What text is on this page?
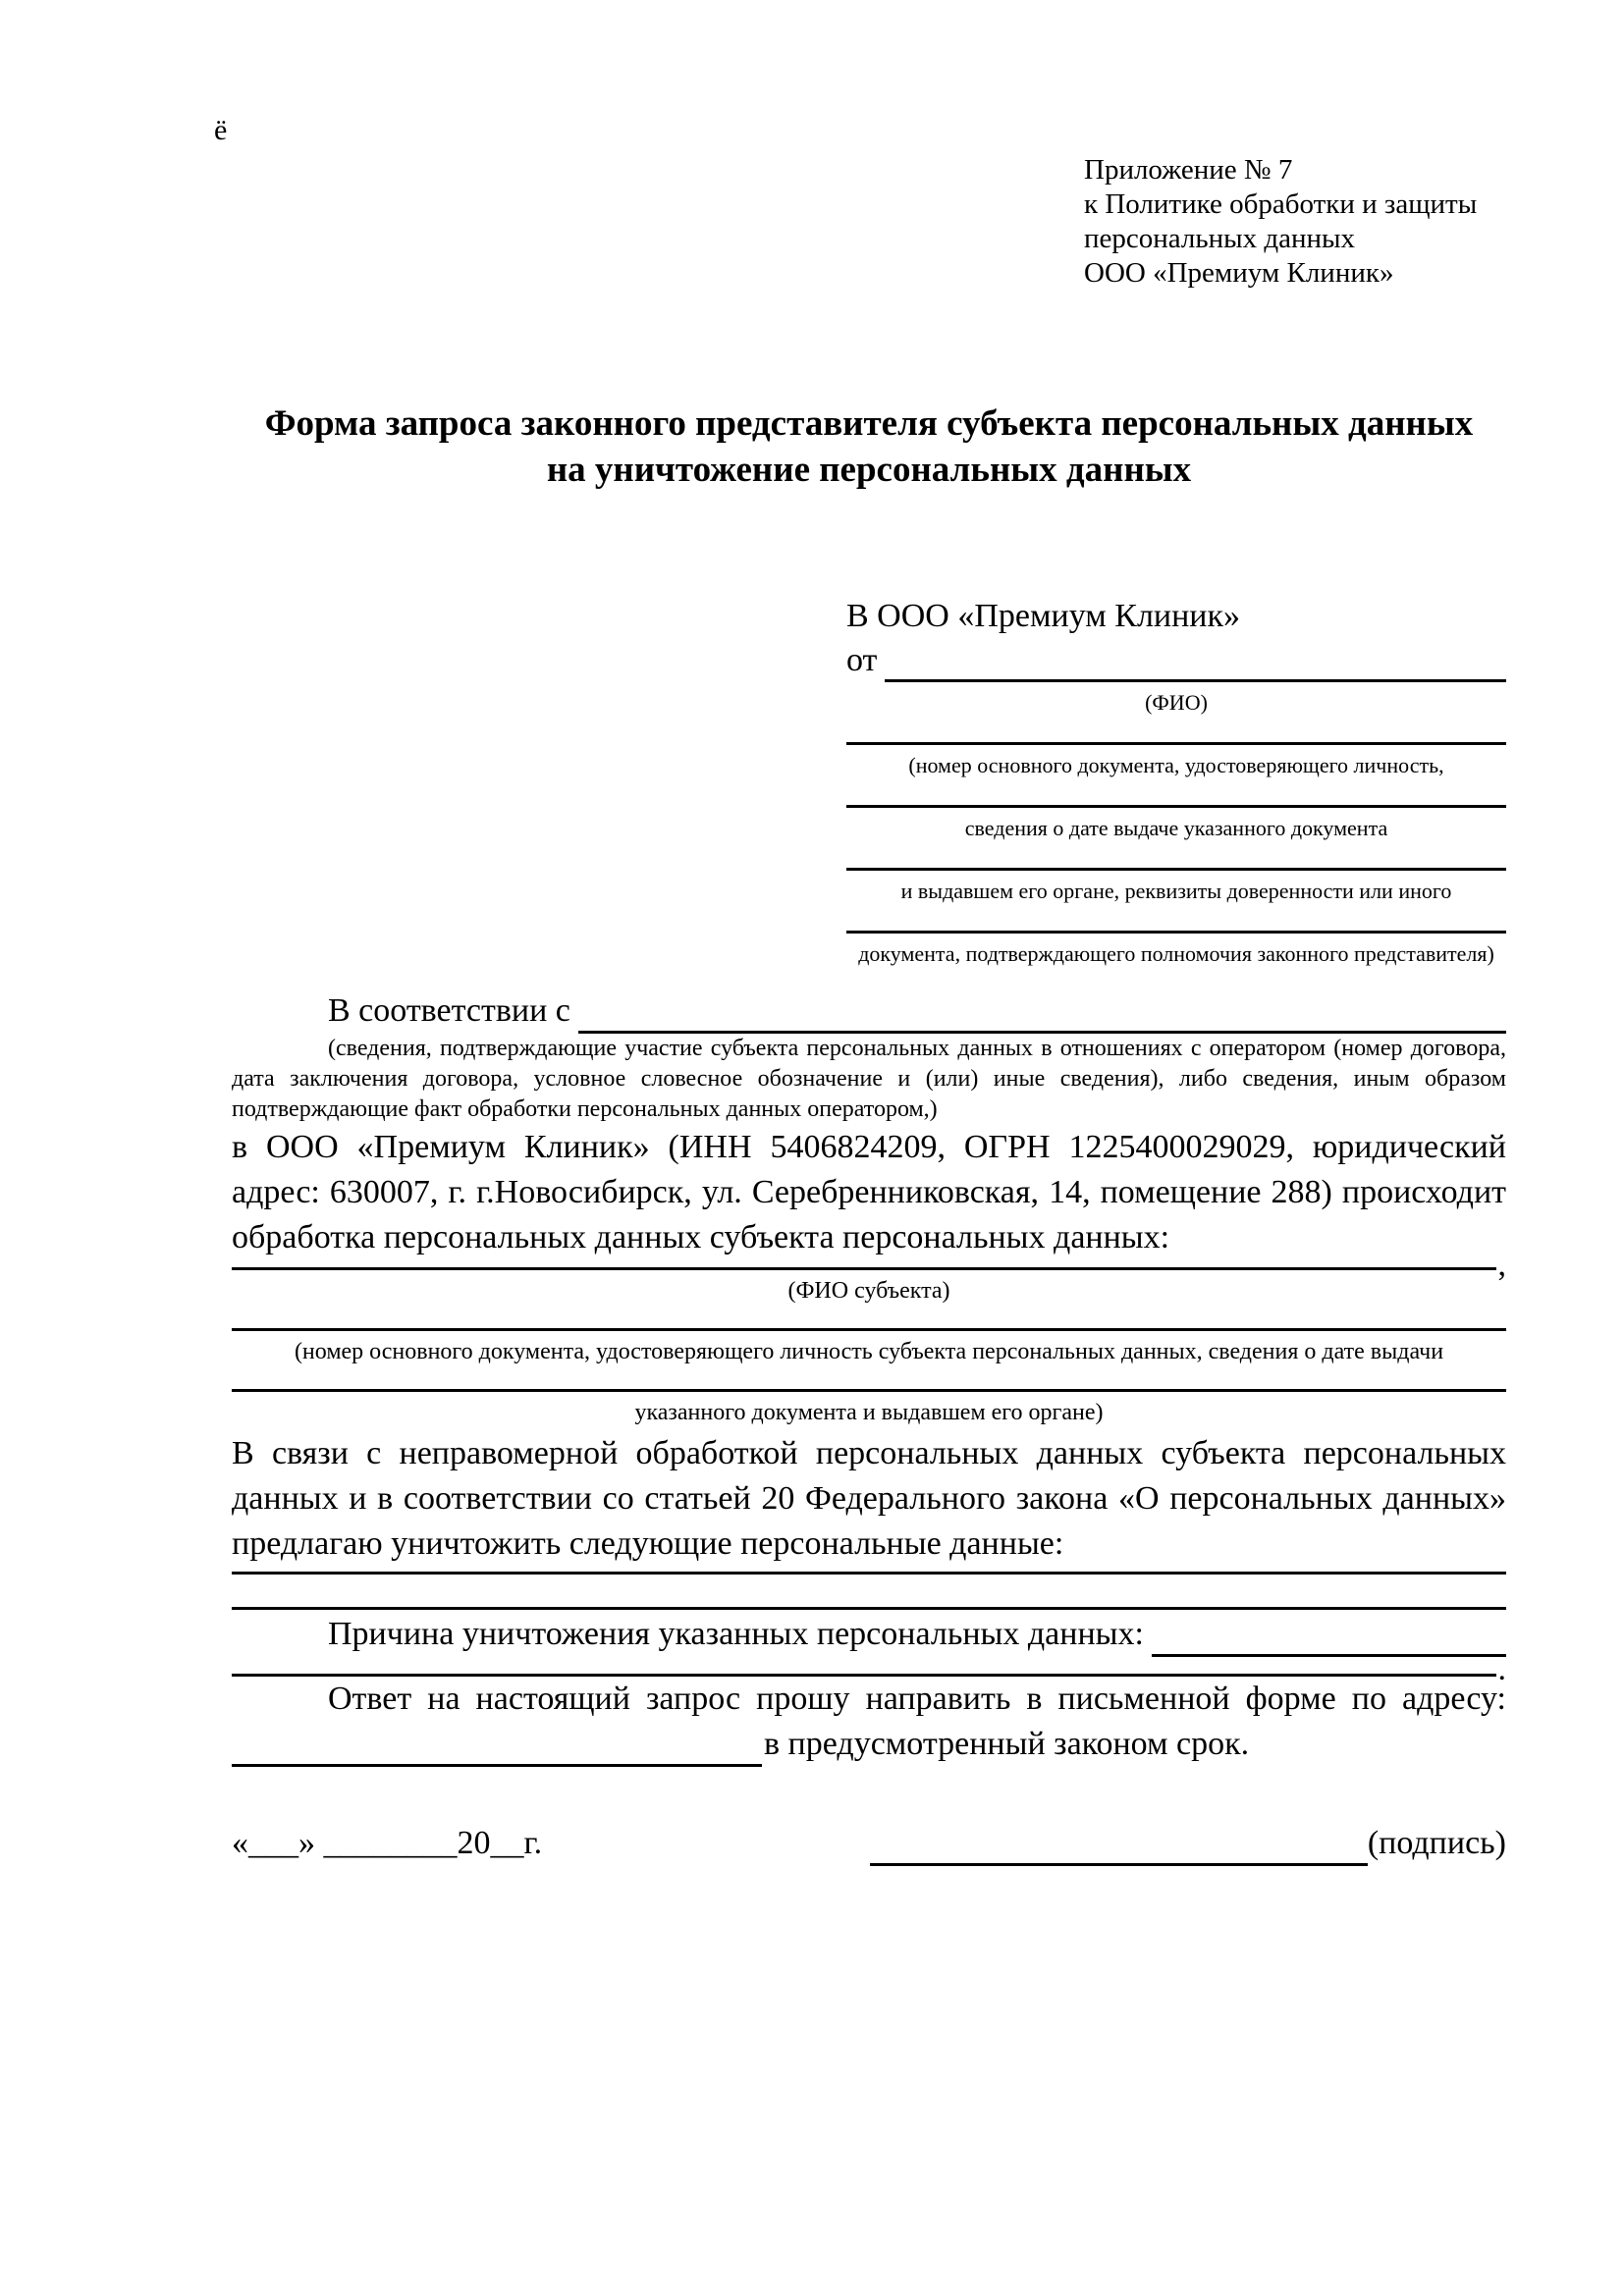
ё
Приложение № 7
к Политике обработки и защиты
персональных данных
ООО «Премиум Клиник»
Форма запроса законного представителя субъекта персональных данных
на уничтожение персональных данных
В ООО «Премиум Клиник»
от
(ФИО)
(номер основного документа, удостоверяющего личность,
сведения о дате выдаче указанного документа
и выдавшем его органе, реквизиты доверенности или иного
документа, подтверждающего полномочия законного представителя)
В соответствии с

(сведения, подтверждающие участие субъекта персональных данных в отношениях с оператором (номер договора, дата заключения договора, условное словесное обозначение и (или) иные сведения), либо сведения, иным образом подтверждающие факт обработки персональных данных оператором,)

в ООО «Премиум Клиник» (ИНН 5406824209, ОГРН 1225400029029, юридический адрес: 630007, г. г.Новосибирск, ул. Серебренниковская, 14, помещение 288) происходит обработка персональных данных субъекта персональных данных:

,
(ФИО субъекта)
(номер основного документа, удостоверяющего личность субъекта персональных данных, сведения о дате выдачи
указанного документа и выдавшем его органе)

В связи с неправомерной обработкой персональных данных субъекта персональных данных и в соответствии со статьей 20 Федерального закона «О персональных данных» предлагаю уничтожить следующие персональные данные:

Причина уничтожения указанных персональных данных:
.

Ответ на настоящий запрос прошу направить в письменной форме по адресу:

в предусмотренный законом срок.
«___» ________20__г.	(подпись)
